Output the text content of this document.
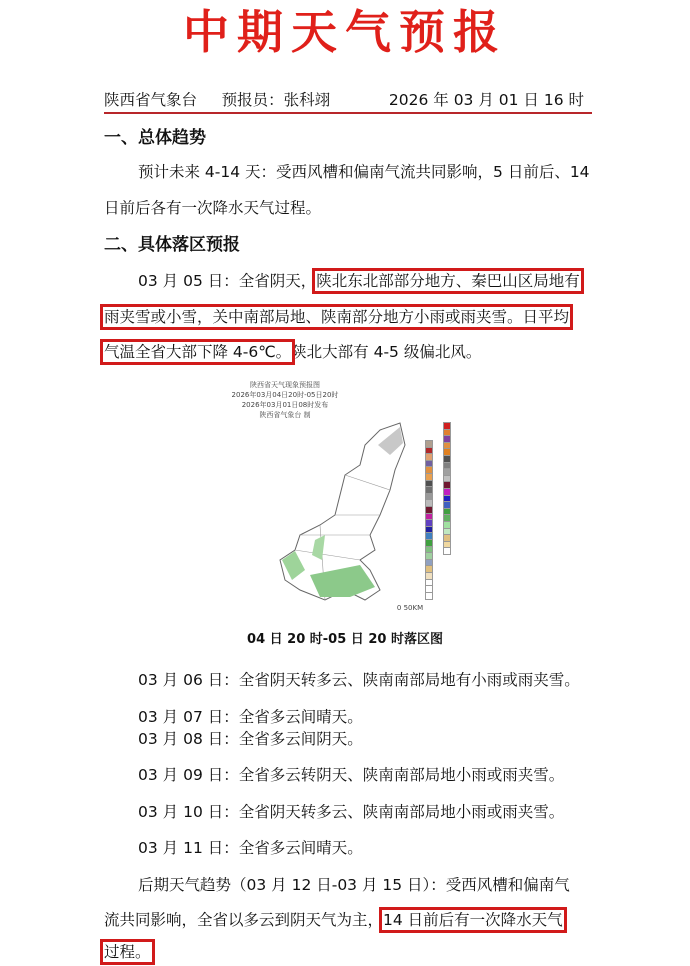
中期天气预报
陕西省气象台 预报员：张科翊	2026 年 03 月 01 日 16 时
一、总体趋势
预计未来 4-14 天：受西风槽和偏南气流共同影响，5 日前后、14
日前后各有一次降水天气过程。
二、具体落区预报
03 月 05 日：全省阴天，陕北东北部部分地方、秦巴山区局地有
雨夹雪或小雪，关中南部局地、陕南部分地方小雨或雨夹雪。日平均
气温全省大部下降 4-6℃。陕北大部有 4-5 级偏北风。
陕西省天气现象预报图
2026年03月04日20时-05日20时
2026年03月01日08时发布
陕西省气象台 制
0 50KM
04 日 20 时-05 日 20 时落区图
03 月 06 日：全省阴天转多云、陕南南部局地有小雨或雨夹雪。
03 月 07 日：全省多云间晴天。
03 月 08 日：全省多云间阴天。
03 月 09 日：全省多云转阴天、陕南南部局地小雨或雨夹雪。
03 月 10 日：全省阴天转多云、陕南南部局地小雨或雨夹雪。
03 月 11 日：全省多云间晴天。
后期天气趋势（03 月 12 日-03 月 15 日）：受西风槽和偏南气
流共同影响，全省以多云到阴天气为主，14 日前后有一次降水天气
过程。
